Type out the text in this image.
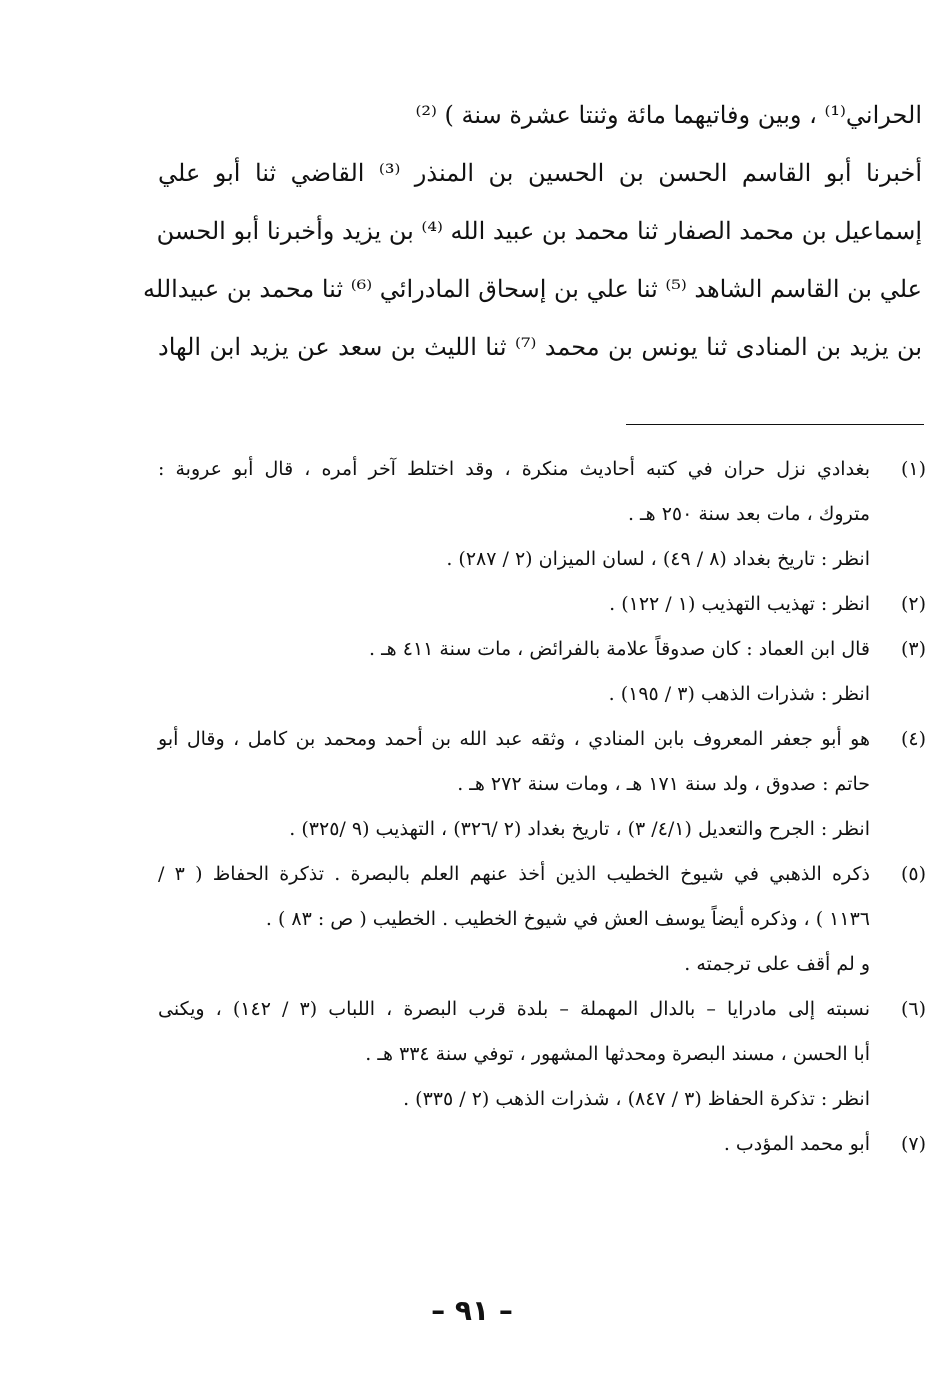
الحراني⁽¹⁾ ، وبين وفاتيهما مائة وثنتا عشرة سنة ) ⁽²⁾
أخبرنا أبو القاسم الحسن بن الحسين بن المنذر ⁽³⁾ القاضي ثنا أبو علي
إسماعيل بن محمد الصفار ثنا محمد بن عبيد الله ⁽⁴⁾ بن يزيد وأخبرنا أبو الحسن
علي بن القاسم الشاهد ⁽⁵⁾ ثنا علي بن إسحاق المادرائي ⁽⁶⁾ ثنا محمد بن عبيدالله
بن يزيد بن المنادى ثنا يونس بن محمد ⁽⁷⁾ ثنا الليث بن سعد عن يزيد ابن الهاد
(١)
بغدادي نزل حران في كتبه أحاديث منكرة ، وقد اختلط آخر أمره ، قال أبو عروبة :
متروك ، مات بعد سنة ٢٥٠ هـ .
انظر : تاريخ بغداد (٨ / ٤٩) ، لسان الميزان (٢ / ٢٨٧) .
(٢)
انظر : تهذيب التهذيب (١ / ١٢٢) .
(٣)
قال ابن العماد : كان صدوقاً علامة بالفرائض ، مات سنة ٤١١ هـ .
انظر : شذرات الذهب (٣ / ١٩٥) .
(٤)
هو أبو جعفر المعروف بابن المنادي ، وثقه عبد الله بن أحمد ومحمد بن كامل ، وقال أبو
حاتم : صدوق ، ولد سنة ١٧١ هـ ، ومات سنة ٢٧٢ هـ .
انظر : الجرح والتعديل (٤/١/ ٣) ، تاريخ بغداد (٢ /٣٢٦) ، التهذيب (٩ /٣٢٥) .
(٥)
ذكره الذهبي في شيوخ الخطيب الذين أخذ عنهم العلم بالبصرة . تذكرة الحفاظ ( ٣ /
١١٣٦ ) ، وذكره أيضاً يوسف العش في شيوخ الخطيب . الخطيب ( ص : ٨٣ ) .
و لم أقف على ترجمته .
(٦)
نسبته إلى مادرايا – بالدال المهملة – بلدة قرب البصرة ، اللباب (٣ / ١٤٢) ، ويكنى
أبا الحسن ، مسند البصرة ومحدثها المشهور ، توفي سنة ٣٣٤ هـ .
انظر : تذكرة الحفاظ (٣ / ٨٤٧) ، شذرات الذهب (٢ / ٣٣٥) .
(٧)
أبو محمد المؤدب .
– ٩١ –
